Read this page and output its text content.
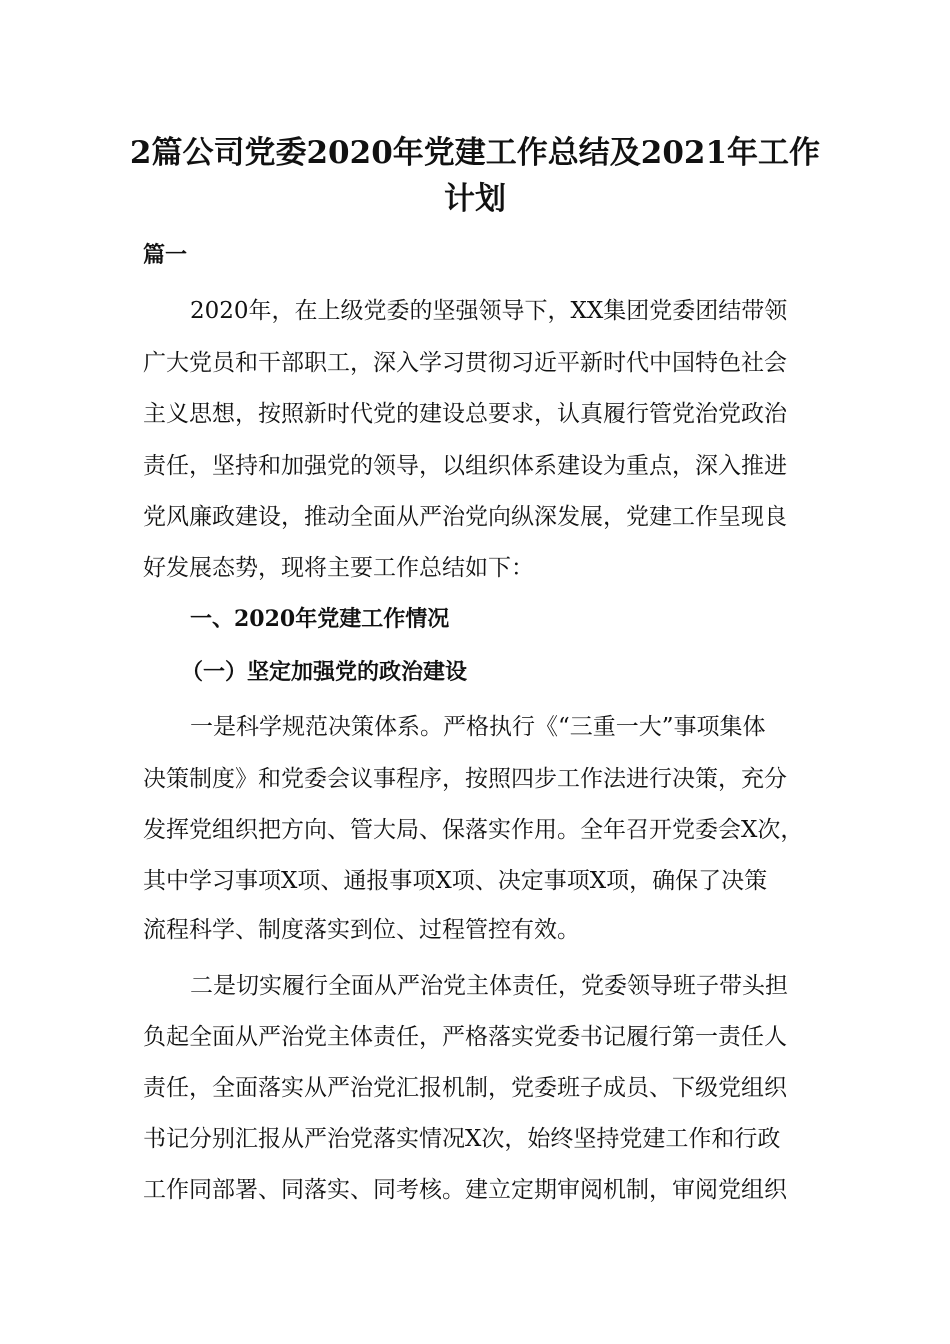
2篇公司党委2020年党建工作总结及2021年工作计划
篇一
2020年，在上级党委的坚强领导下，XX集团党委团结带领
广大党员和干部职工，深入学习贯彻习近平新时代中国特色社会
主义思想，按照新时代党的建设总要求，认真履行管党治党政治
责任，坚持和加强党的领导，以组织体系建设为重点，深入推进
党风廉政建设，推动全面从严治党向纵深发展，党建工作呈现良
好发展态势，现将主要工作总结如下：
一、2020年党建工作情况
（一）坚定加强党的政治建设
一是科学规范决策体系。严格执行《“三重一大”事项集体
决策制度》和党委会议事程序，按照四步工作法进行决策，充分
发挥党组织把方向、管大局、保落实作用。全年召开党委会X次，
其中学习事项X项、通报事项X项、决定事项X项，确保了决策
流程科学、制度落实到位、过程管控有效。
二是切实履行全面从严治党主体责任，党委领导班子带头担
负起全面从严治党主体责任，严格落实党委书记履行第一责任人
责任，全面落实从严治党汇报机制，党委班子成员、下级党组织
书记分别汇报从严治党落实情况X次，始终坚持党建工作和行政
工作同部署、同落实、同考核。建立定期审阅机制，审阅党组织
